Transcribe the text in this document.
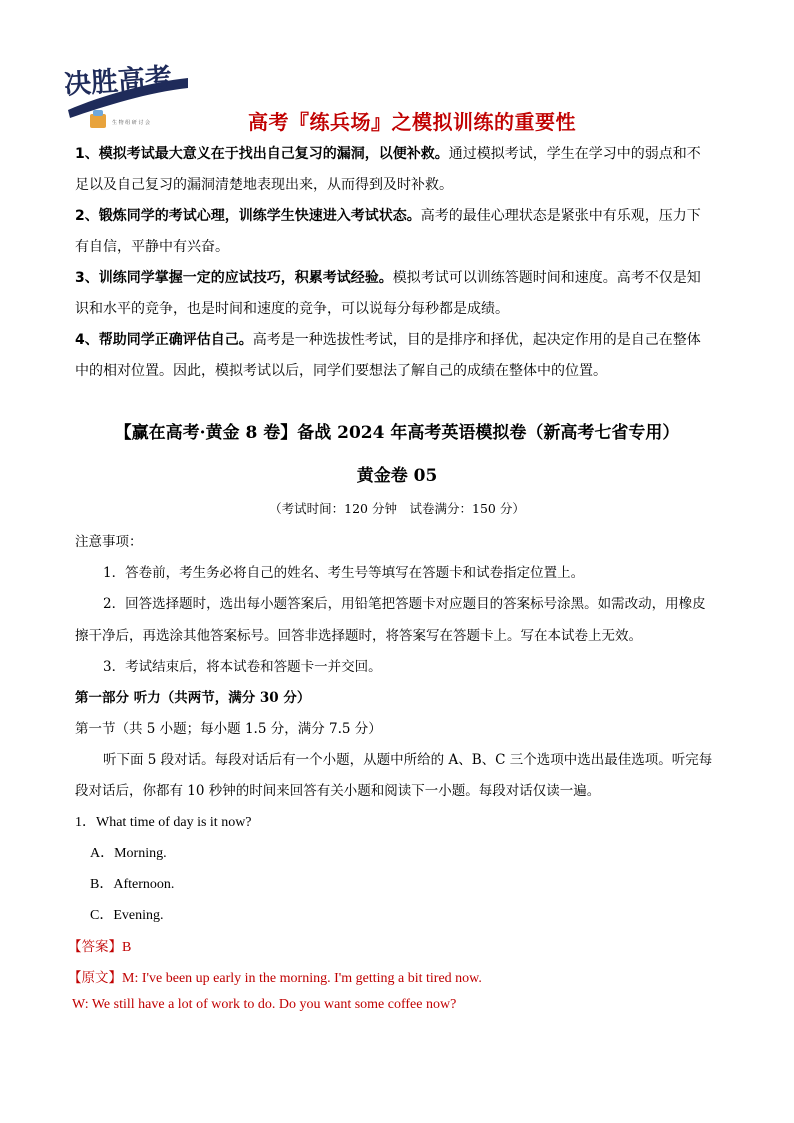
决胜高考
生 物 组 研 讨 会	高考『练兵场』之模拟训练的重要性
1、模拟考试最大意义在于找出自己复习的漏洞，以便补救。通过模拟考试，学生在学习中的弱点和不
足以及自己复习的漏洞清楚地表现出来，从而得到及时补救。
2、锻炼同学的考试心理，训练学生快速进入考试状态。高考的最佳心理状态是紧张中有乐观，压力下
有自信，平静中有兴奋。
3、训练同学掌握一定的应试技巧，积累考试经验。模拟考试可以训练答题时间和速度。高考不仅是知
识和水平的竞争，也是时间和速度的竞争，可以说每分每秒都是成绩。
4、帮助同学正确评估自己。高考是一种选拔性考试，目的是排序和择优，起决定作用的是自己在整体
中的相对位置。因此，模拟考试以后，同学们要想法了解自己的成绩在整体中的位置。
【赢在高考·黄金 8 卷】备战 2024 年高考英语模拟卷（新高考七省专用）
黄金卷 05
（考试时间：120 分钟　试卷满分：150 分）
注意事项：
1．答卷前，考生务必将自己的姓名、考生号等填写在答题卡和试卷指定位置上。
2．回答选择题时，选出每小题答案后，用铅笔把答题卡对应题目的答案标号涂黑。如需改动，用橡皮
擦干净后，再选涂其他答案标号。回答非选择题时，将答案写在答题卡上。写在本试卷上无效。
3．考试结束后，将本试卷和答题卡一并交回。
第一部分 听力（共两节，满分 30 分）
第一节（共 5 小题；每小题 1.5 分，满分 7.5 分）
听下面 5 段对话。每段对话后有一个小题，从题中所给的 A、B、C 三个选项中选出最佳选项。听完每
段对话后，你都有 10 秒钟的时间来回答有关小题和阅读下一小题。每段对话仅读一遍。
1．What time of day is it now?
A．Morning.
B．Afternoon.
C．Evening.
【答案】B
【原文】M: I've been up early in the morning. I'm getting a bit tired now.
W: We still have a lot of work to do. Do you want some coffee now?
